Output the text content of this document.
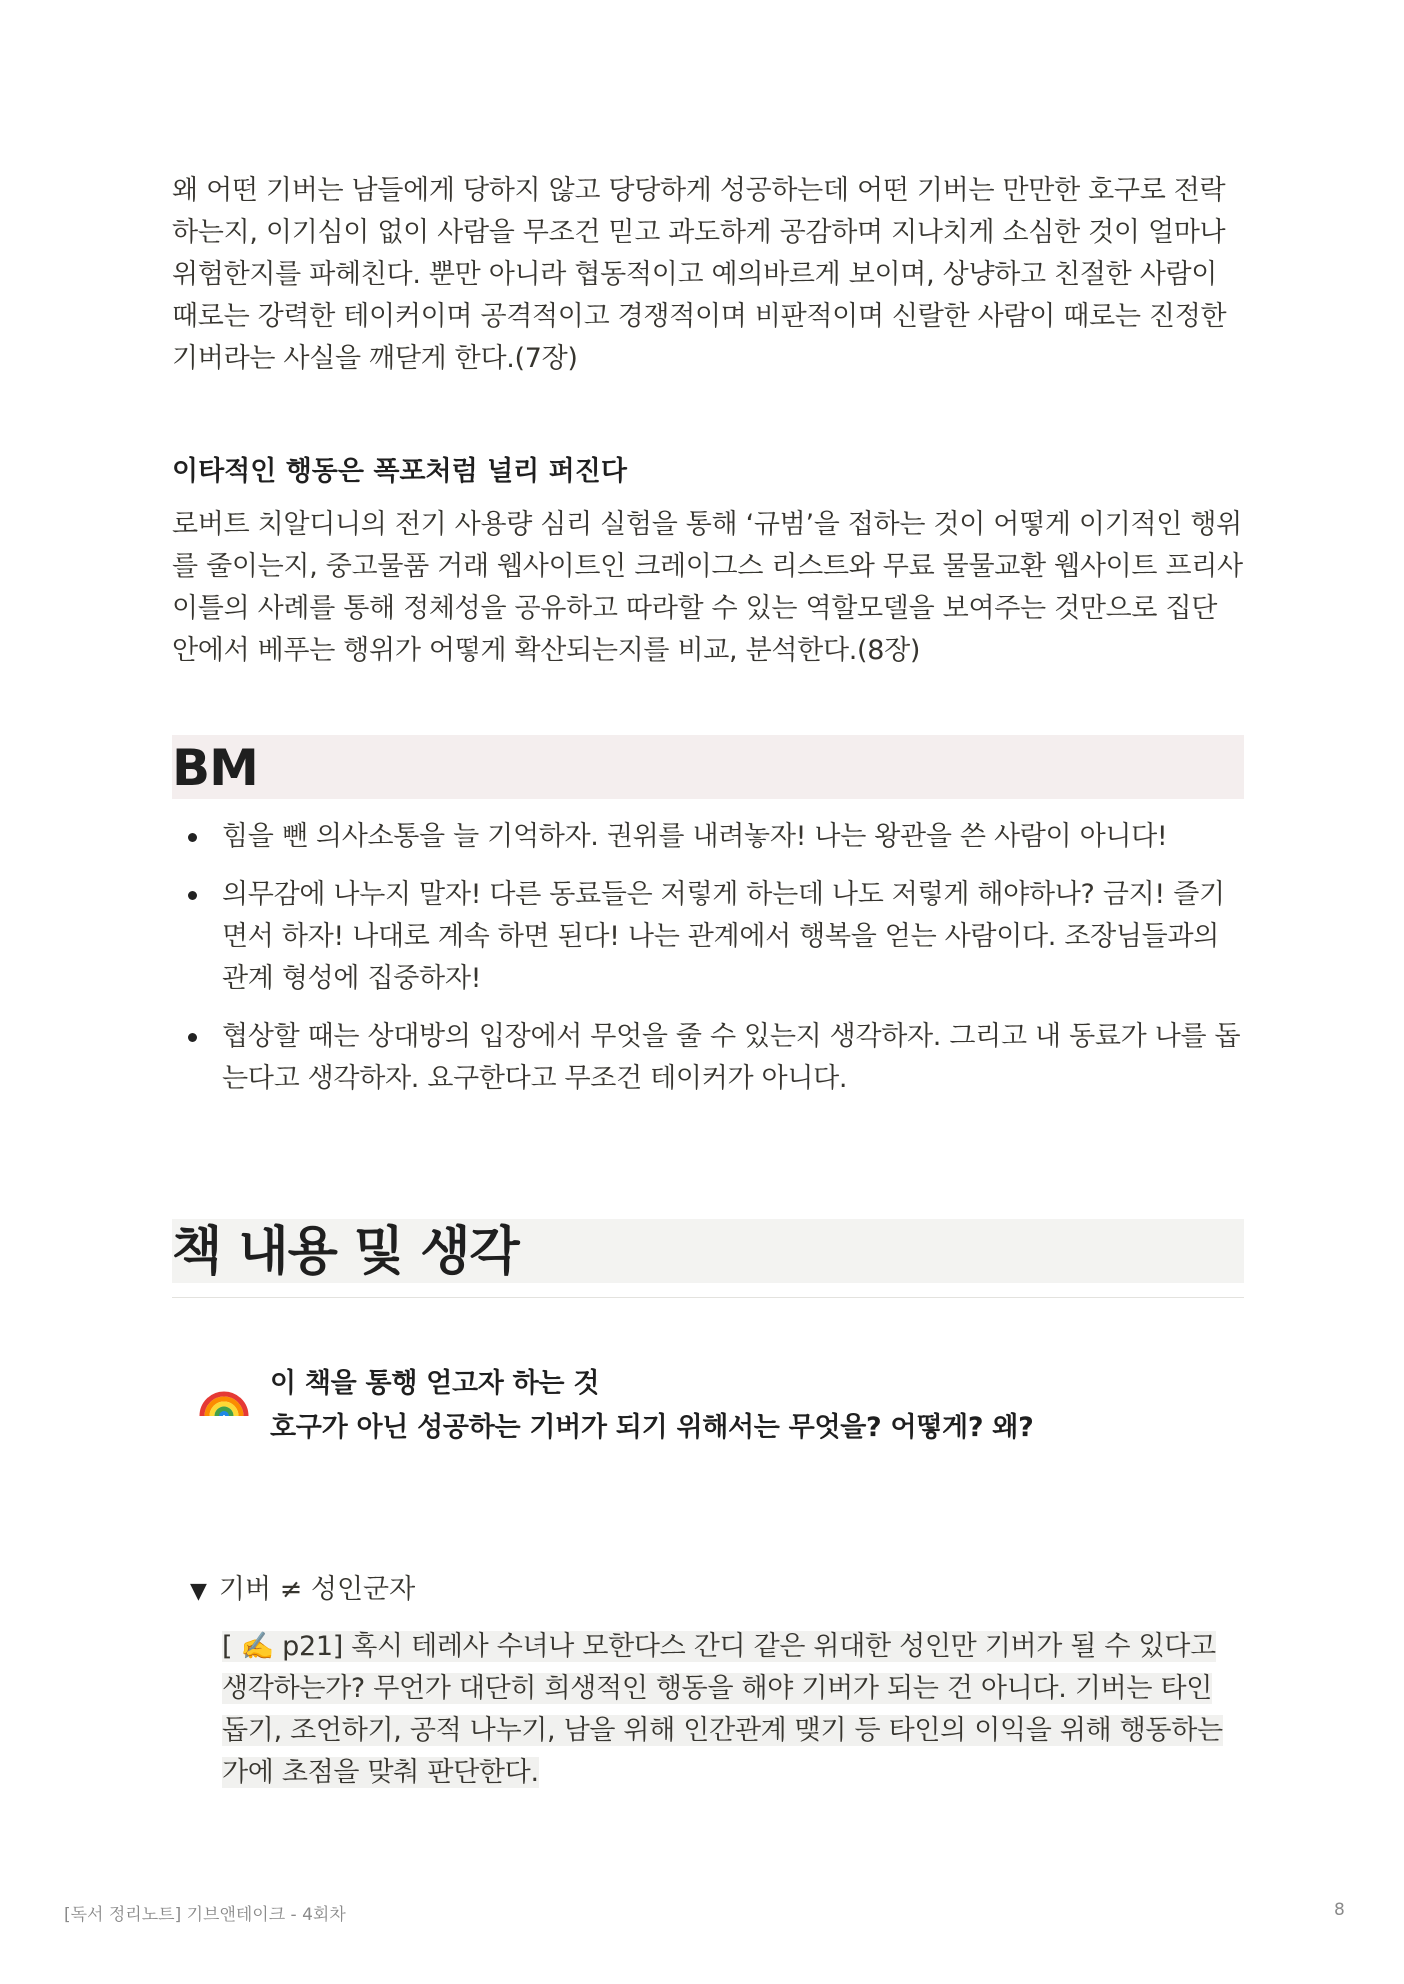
왜 어떤 기버는 남들에게 당하지 않고 당당하게 성공하는데 어떤 기버는 만만한 호구로 전락하는지, 이기심이 없이 사람을 무조건 믿고 과도하게 공감하며 지나치게 소심한 것이 얼마나 위험한지를 파헤친다. 뿐만 아니라 협동적이고 예의바르게 보이며, 상냥하고 친절한 사람이 때로는 강력한 테이커이며 공격적이고 경쟁적이며 비판적이며 신랄한 사람이 때로는 진정한 기버라는 사실을 깨닫게 한다.(7장)

이타적인 행동은 폭포처럼 널리 퍼진다

로버트 치알디니의 전기 사용량 심리 실험을 통해 ‘규범’을 접하는 것이 어떻게 이기적인 행위를 줄이는지, 중고물품 거래 웹사이트인 크레이그스 리스트와 무료 물물교환 웹사이트 프리사이틀의 사례를 통해 정체성을 공유하고 따라할 수 있는 역할모델을 보여주는 것만으로 집단 안에서 베푸는 행위가 어떻게 확산되는지를 비교, 분석한다.(8장)

BM
힘을 뺀 의사소통을 늘 기억하자. 권위를 내려놓자! 나는 왕관을 쓴 사람이 아니다!
의무감에 나누지 말자! 다른 동료들은 저렇게 하는데 나도 저렇게 해야하나? 금지! 즐기면서 하자! 나대로 계속 하면 된다! 나는 관계에서 행복을 얻는 사람이다. 조장님들과의 관계 형성에 집중하자!
협상할 때는 상대방의 입장에서 무엇을 줄 수 있는지 생각하자. 그리고 내 동료가 나를 돕는다고 생각하자. 요구한다고 무조건 테이커가 아니다.
책 내용 및 생각
이 책을 통행 얻고자 하는 것
호구가 아닌 성공하는 기버가 되기 위해서는 무엇을? 어떻게? 왜?
▼ 기버 ≠ 성인군자
[ ✍️ p21] 혹시 테레사 수녀나 모한다스 간디 같은 위대한 성인만 기버가 될 수 있다고
생각하는가? 무언가 대단히 희생적인 행동을 해야 기버가 되는 건 아니다. 기버는 타인
돕기, 조언하기, 공적 나누기, 남을 위해 인간관계 맺기 등 타인의 이익을 위해 행동하는
가에 초점을 맞춰 판단한다.
[독서 정리노트] 기브앤테이크 - 4회차	8
